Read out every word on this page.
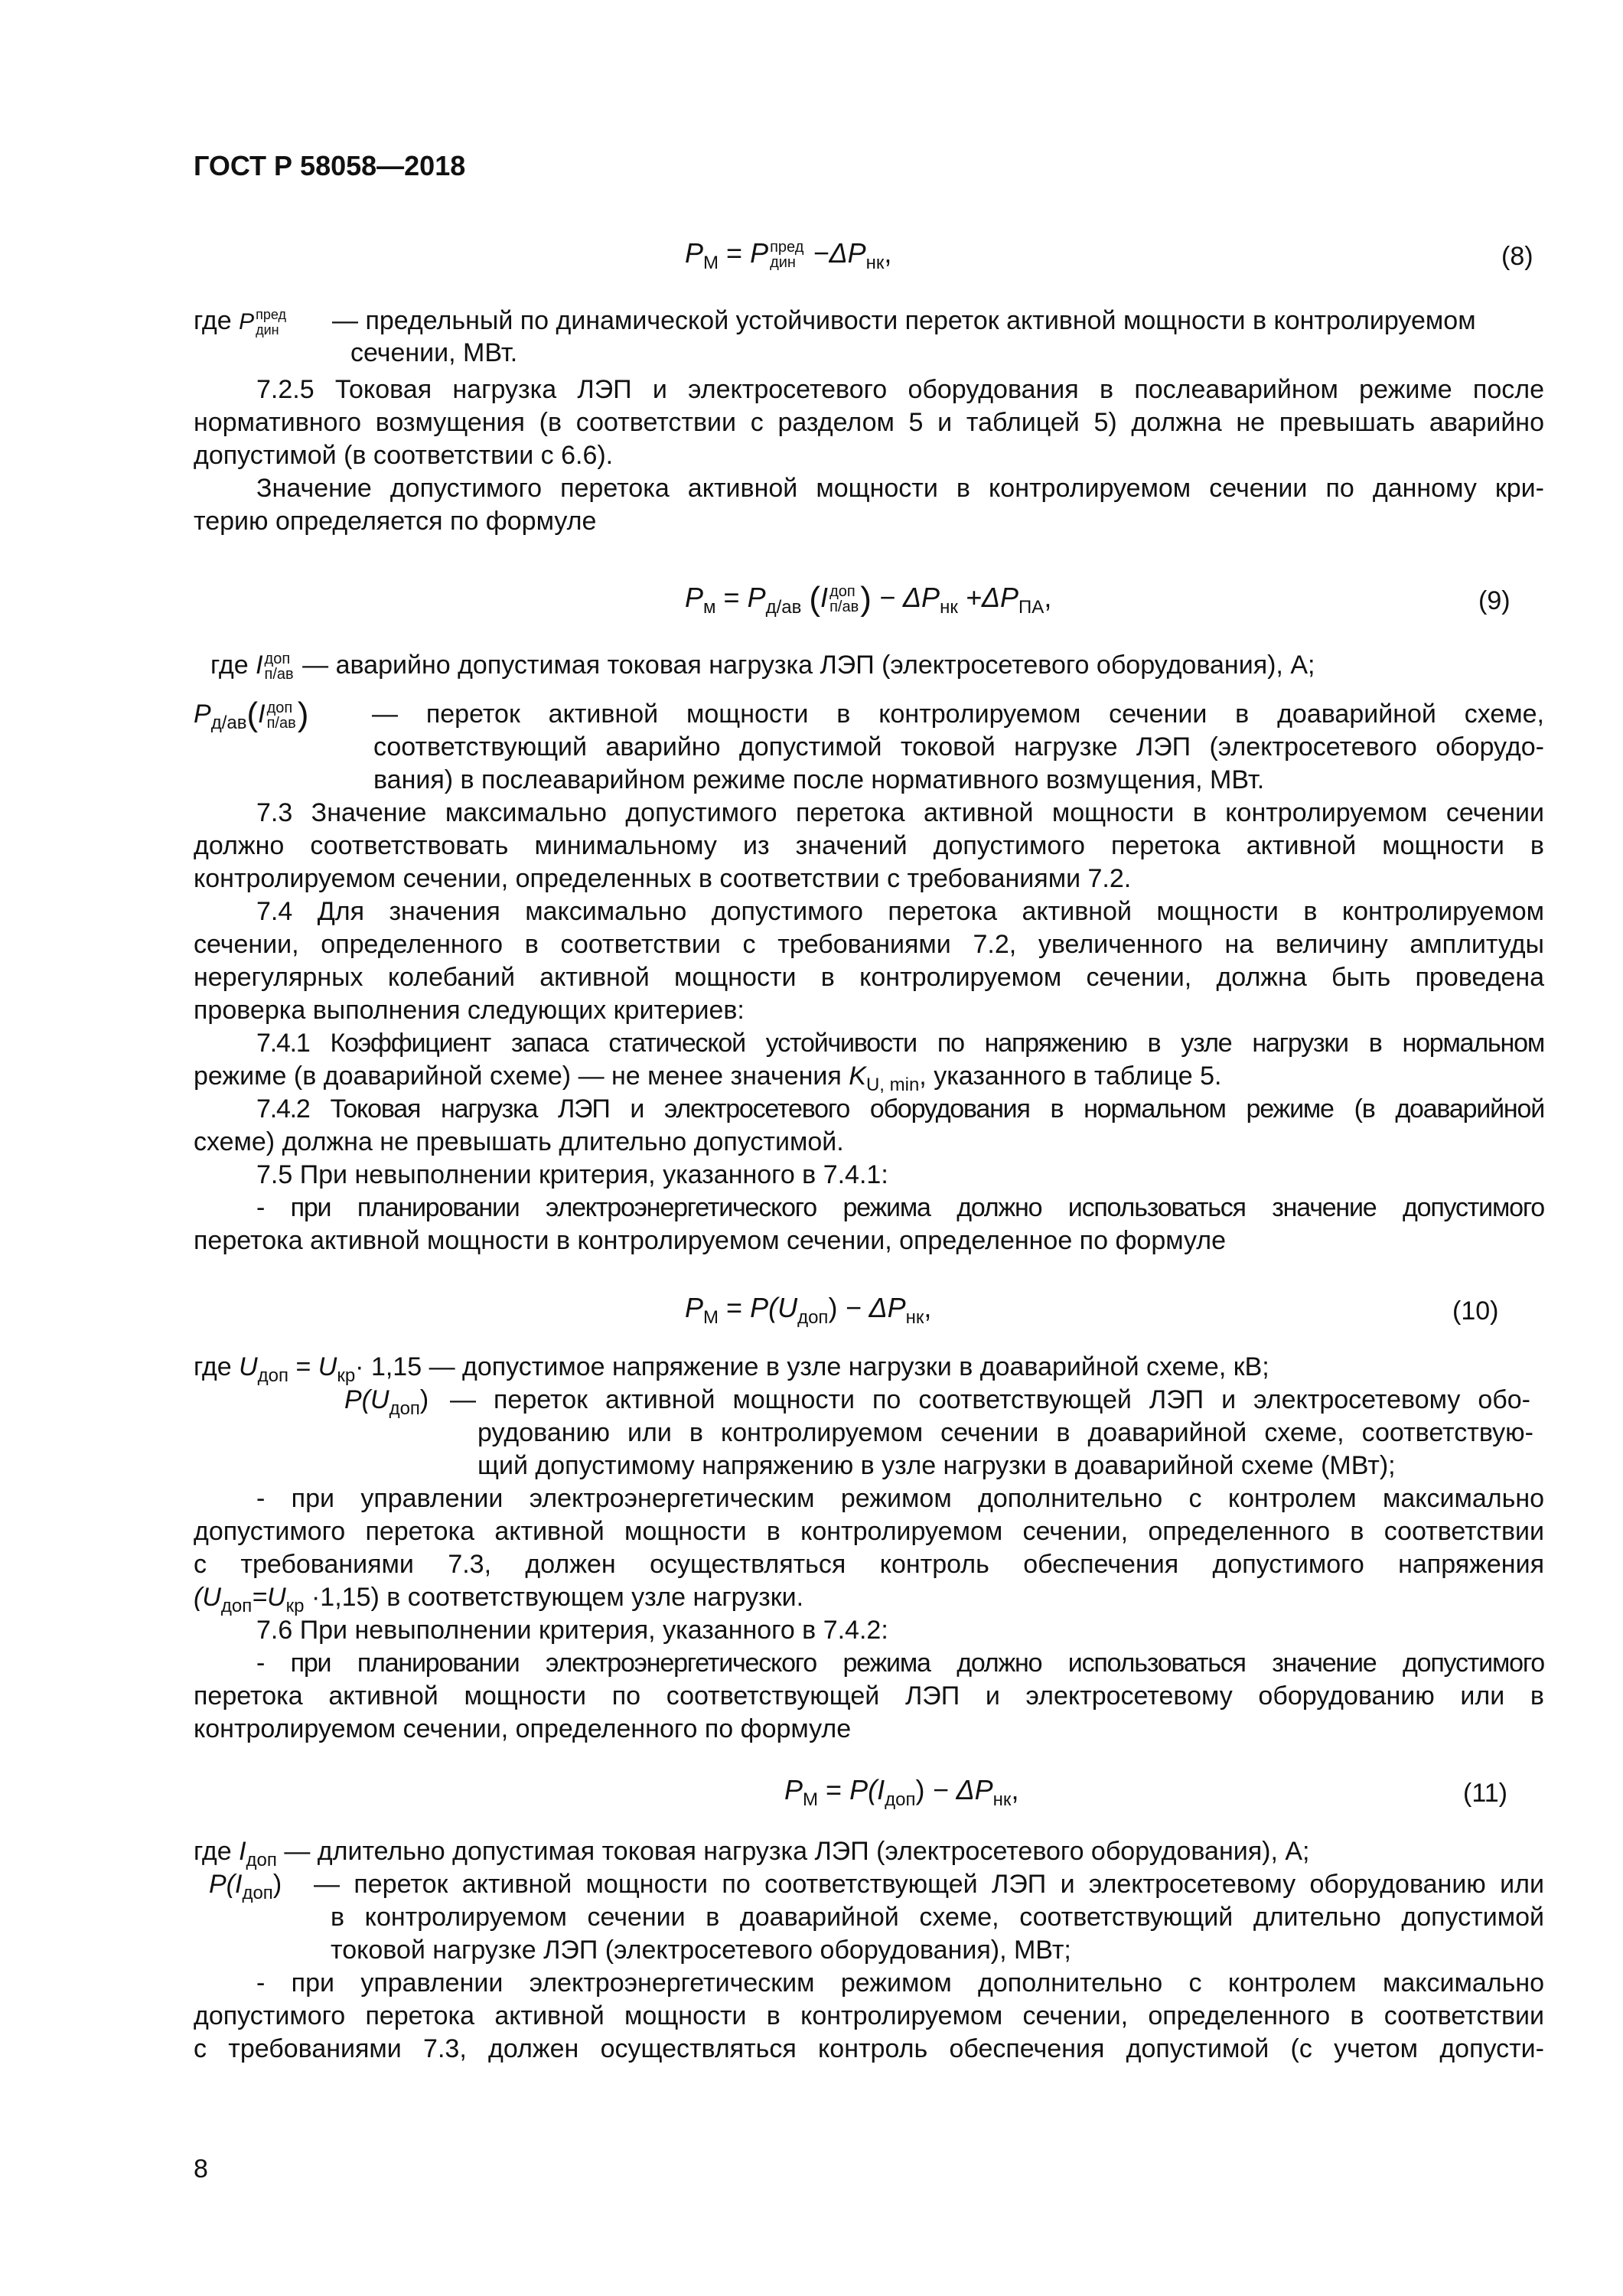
ГОСТ Р 58058—2018
$P_М = P$ пред
дин $-\Delta P_{нк}$,	(8)
где P пред
дин — предельный по динамической устойчивости переток активной мощности в контролируемом
сечении, МВт.
7.2.5 Токовая нагрузка ЛЭП и электросетевого оборудования в послеаварийном режиме после
нормативного возмущения (в соответствии с разделом 5 и таблицей 5) должна не превышать аварийно
допустимой (в соответствии с 6.6).
Значение допустимого перетока активной мощности в контролируемом сечении по данному кри-
терию определяется по формуле
$P_м = P_{д/ав}$ (I доп
п/ав ) − $\Delta P_{нк} +\Delta P_{ПА}$,	(9)
где I доп
п/ав — аварийно допустимая токовая нагрузка ЛЭП (электросетевого оборудования), А;
$P_{д/ав}(I$ доп
п/ав ) — переток активной мощности в контролируемом сечении в доаварийной схеме,
соответствующий аварийно допустимой токовой нагрузке ЛЭП (электросетевого оборудо-
вания) в послеаварийном режиме после нормативного возмущения, МВт.
7.3 Значение максимально допустимого перетока активной мощности в контролируемом сечении
должно соответствовать минимальному из значений допустимого перетока активной мощности в
контролируемом сечении, определенных в соответствии с требованиями 7.2.
7.4 Для значения максимально допустимого перетока активной мощности в контролируемом
сечении, определенного в соответствии с требованиями 7.2, увеличенного на величину амплитуды
нерегулярных колебаний активной мощности в контролируемом сечении, должна быть проведена
проверка выполнения следующих критериев:
7.4.1 Коэффициент запаса статической устойчивости по напряжению в узле нагрузки в нормальном
режиме (в доаварийной схеме) — не менее значения $K_{U, min}$, указанного в таблице 5.
7.4.2 Токовая нагрузка ЛЭП и электросетевого оборудования в нормальном режиме (в доаварийной
схеме) должна не превышать длительно допустимой.
7.5 При невыполнении критерия, указанного в 7.4.1:
- при планировании электроэнергетического режима должно использоваться значение допустимого
перетока активной мощности в контролируемом сечении, определенное по формуле
$P_М = P(U_{доп}) - \Delta P_{нк}$,	(10)
где $U_{доп} = U_{кр}\cdot 1,15$ — допустимое напряжение в узле нагрузки в доаварийной схеме, кВ;
$P(U_{доп})$ — переток активной мощности по соответствующей ЛЭП и электросетевому обо-
рудованию или в контролируемом сечении в доаварийной схеме, соответствую-
щий допустимому напряжению в узле нагрузки в доаварийной схеме (МВт);
- при управлении электроэнергетическим режимом дополнительно с контролем максимально
допустимого перетока активной мощности в контролируемом сечении, определенного в соответствии
с требованиями 7.3, должен осуществляться контроль обеспечения допустимого напряжения
$(U_{доп}=U_{кр} \cdot 1,15)$ в соответствующем узле нагрузки.
7.6 При невыполнении критерия, указанного в 7.4.2:
- при планировании электроэнергетического режима должно использоваться значение допустимого
перетока активной мощности по соответствующей ЛЭП и электросетевому оборудованию или в
контролируемом сечении, определенного по формуле
$P_М = P(I_{доп}) - \Delta P_{нк}$,	(11)
где $I_{доп}$ — длительно допустимая токовая нагрузка ЛЭП (электросетевого оборудования), А;
$P(I_{доп})$ — переток активной мощности по соответствующей ЛЭП и электросетевому оборудованию или
в контролируемом сечении в доаварийной схеме, соответствующий длительно допустимой
токовой нагрузке ЛЭП (электросетевого оборудования), МВт;
- при управлении электроэнергетическим режимом дополнительно с контролем максимально
допустимого перетока активной мощности в контролируемом сечении, определенного в соответствии
с требованиями 7.3, должен осуществляться контроль обеспечения допустимой (с учетом допусти-
8
